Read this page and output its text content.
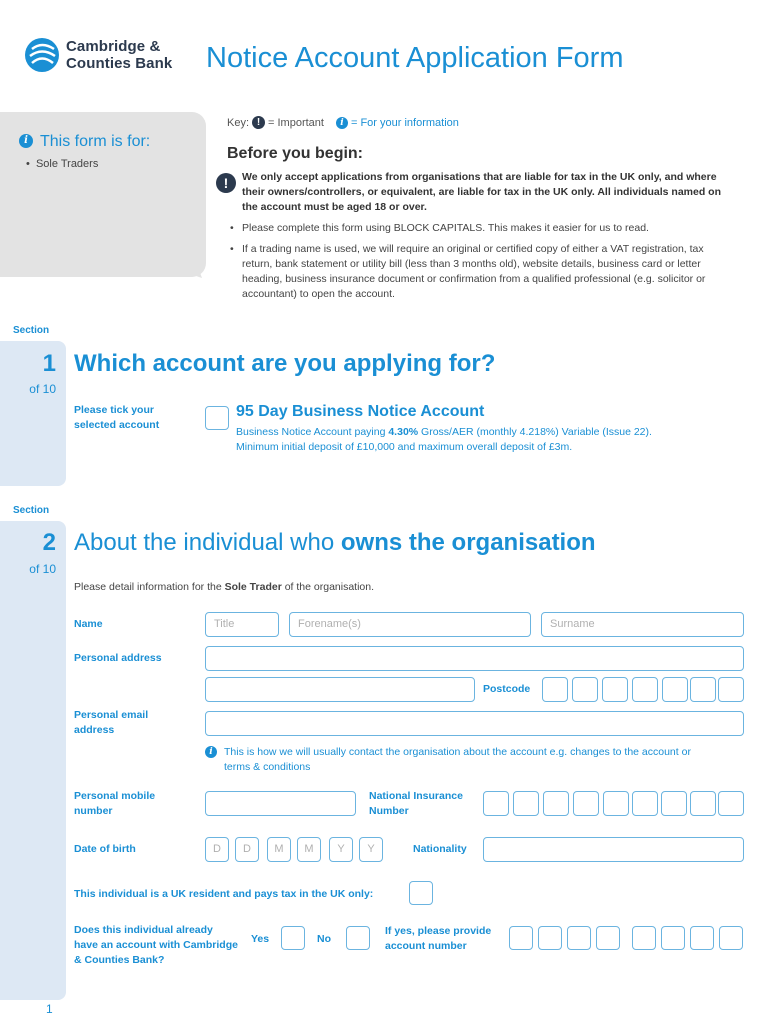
Cambridge &
Counties Bank Notice Account Application Form
i This form is for:
•  Sole Traders
Key: ! = Important	i = For your information
Before you begin:
!	We only accept applications from organisations that are liable for tax in the UK only, and where their owners/controllers, or equivalent, are liable for tax in the UK only. All individuals named on the account must be aged 18 or over.
• Please complete this form using BLOCK CAPITALS. This makes it easier for us to read.
• If a trading name is used, we will require an original or certified copy of either a VAT registration, tax return, bank statement or utility bill (less than 3 months old), website details, business card or letter heading, business insurance document or confirmation from a qualified professional (e.g. solicitor or accountant) to open the account.
Section
1
of 10
Which account are you applying for?
Please tick your selected account
95 Day Business Notice Account
Business Notice Account paying 4.30% Gross/AER (monthly 4.218%) Variable (Issue 22).
Minimum initial deposit of £10,000 and maximum overall deposit of £3m.
Section
2
of 10
About the individual who owns the organisation
Please detail information for the Sole Trader of the organisation.
Name	Title	Forename(s)	Surname
Personal address
Postcode
Personal email address
i	This is how we will usually contact the organisation about the account e.g. changes to the account or terms & conditions
Personal mobile number
National Insurance Number
Date of birth	D	D	M	M	Y	Y	Nationality
This individual is a UK resident and pays tax in the UK only:
Does this individual already have an account with Cambridge & Counties Bank?
Yes	No
If yes, please provide account number
1
